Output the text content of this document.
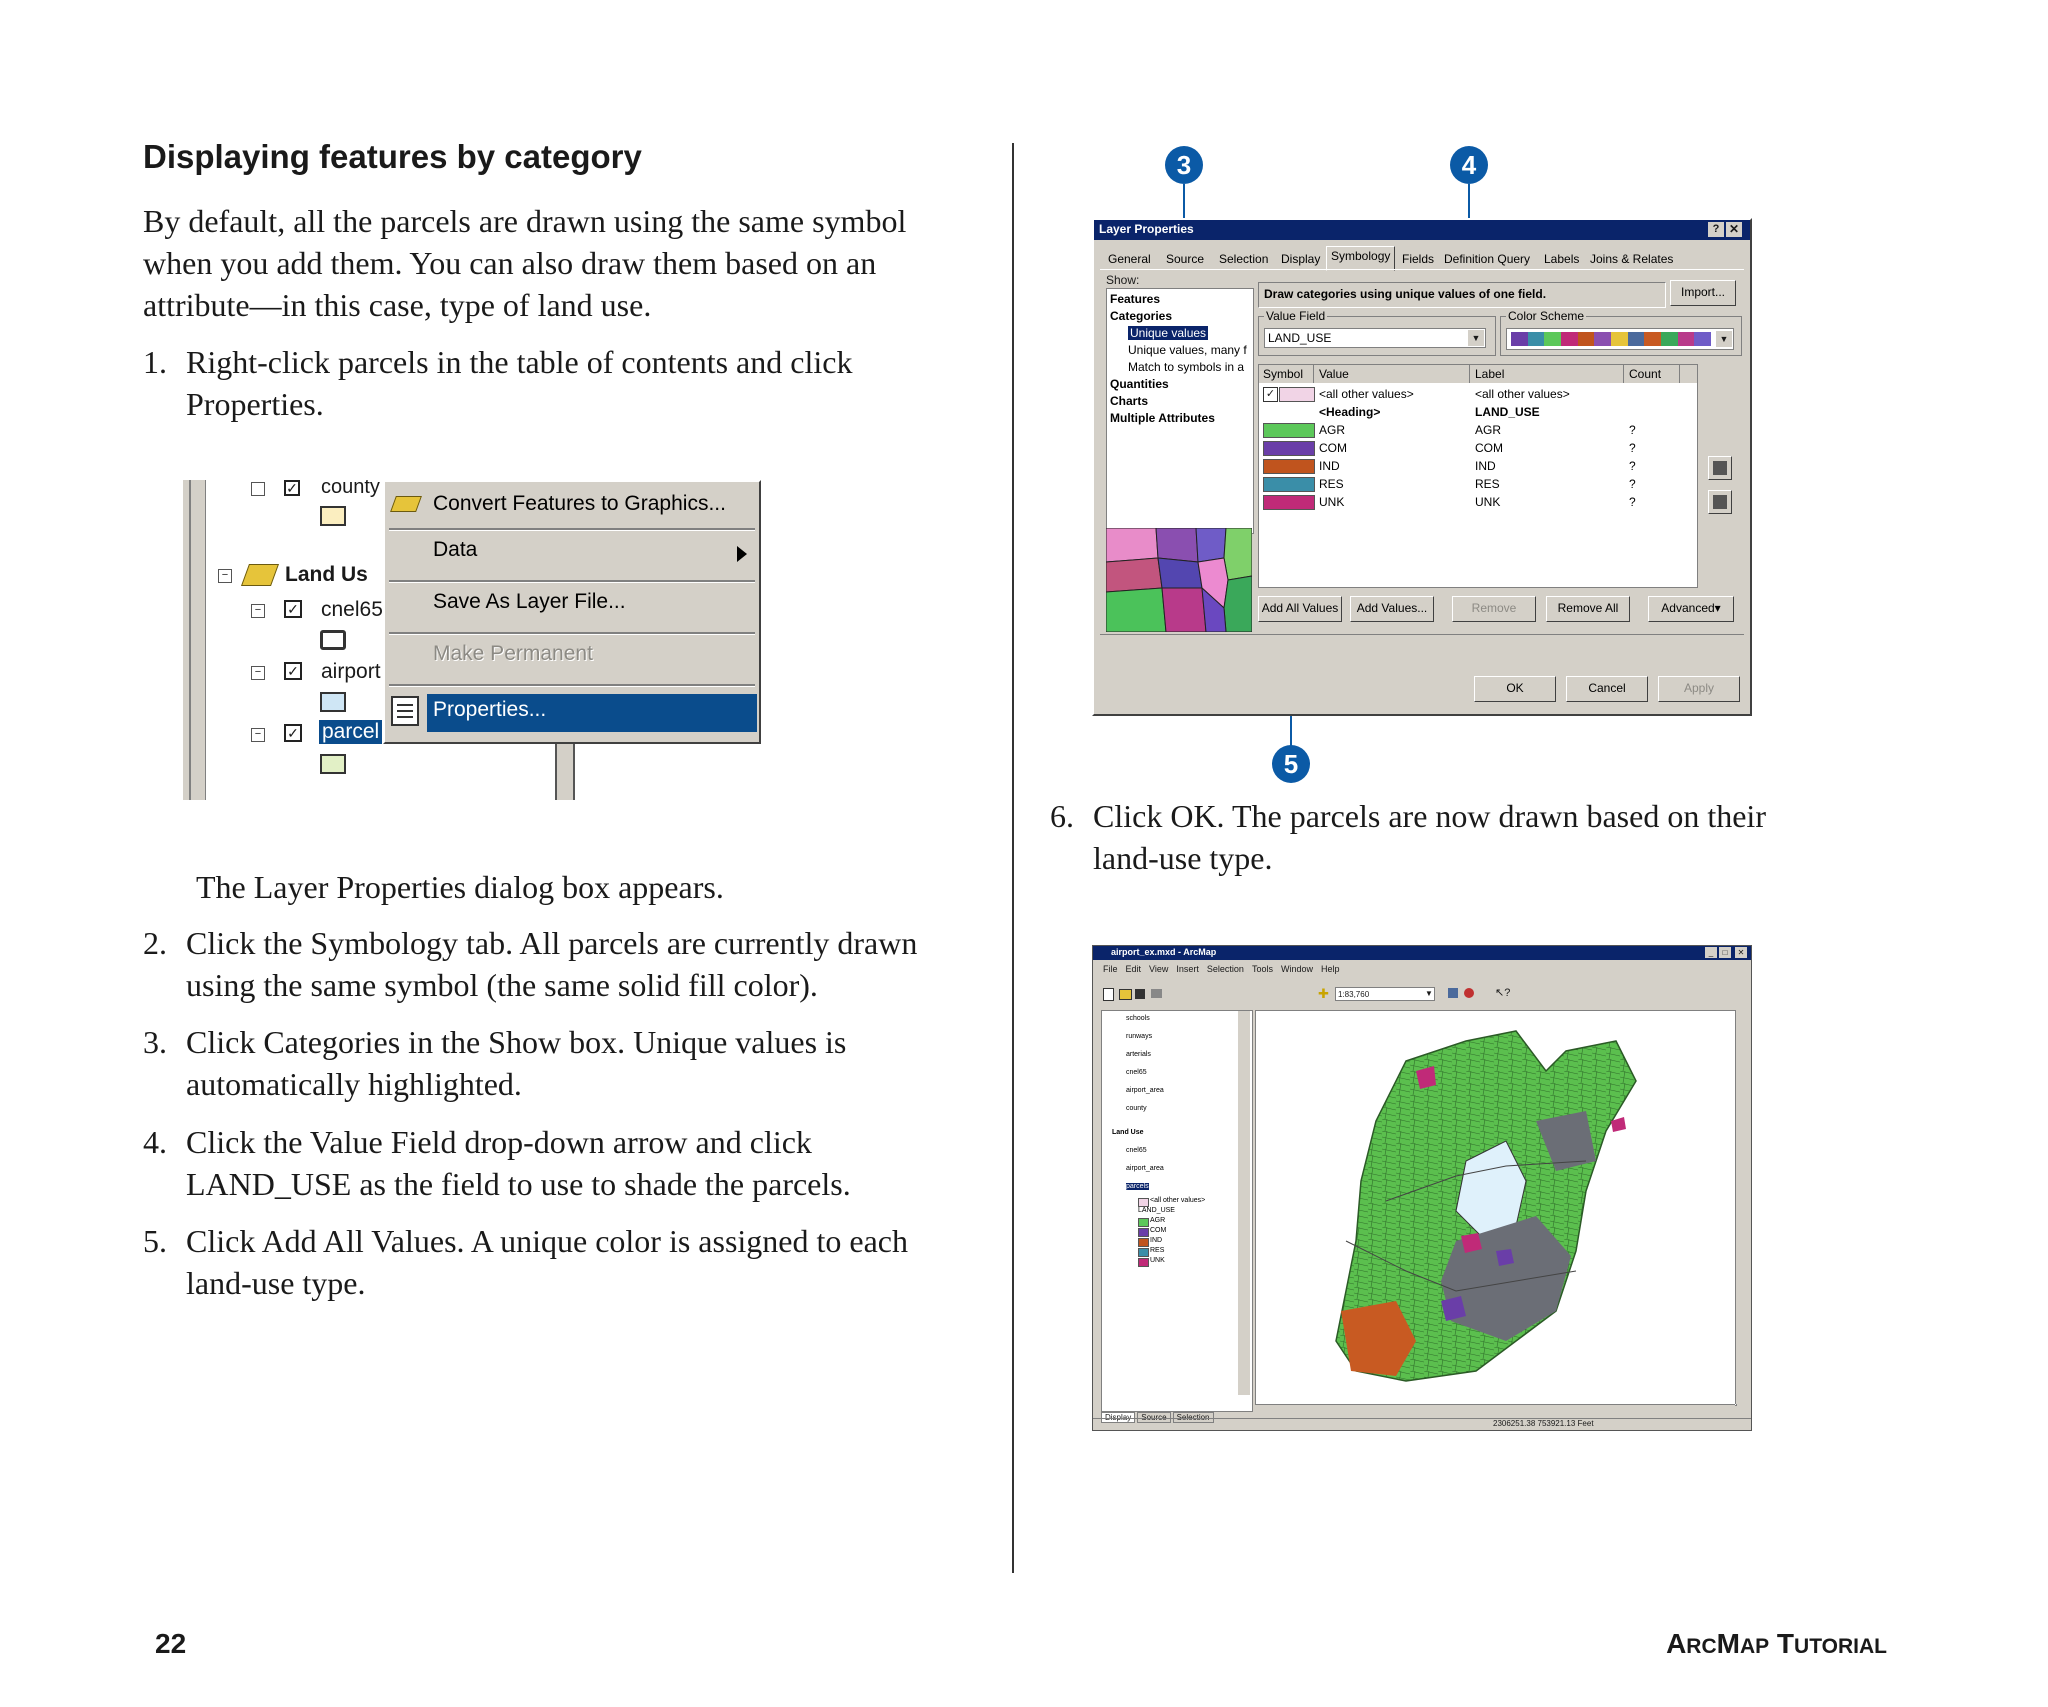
Displaying features by category
By default, all the parcels are drawn using the same symbol
when you add them. You can also draw them based on an
attribute—in this case, type of land use.
1. Right-click parcels in the table of contents and click
Properties.
✓ county
−	Land Us
− ✓ cnel65
− ✓ airport
− ✓ parcel
Convert Features to Graphics...
Data
Save As Layer File...
Make Permanent
Properties...
The Layer Properties dialog box appears.
2. Click the Symbology tab. All parcels are currently drawn
using the same symbol (the same solid fill color).
3. Click Categories in the Show box. Unique values is
automatically highlighted.
4. Click the Value Field drop-down arrow and click
LAND_USE as the field to use to shade the parcels.
5. Click Add All Values. A unique color is assigned to each
land-use type.
3	4
5
Layer Properties	? ✕
General Source Selection Display Symbology Fields Definition Query Labels Joins & Relates
Show:
Features
Categories
Unique values
Unique values, many f
Match to symbols in a
Quantities
Charts
Multiple Attributes
Draw categories using unique values of one field.	Import...
Value Field
LAND_USE	▼
Color Scheme
▼
Symbol Value	Label	Count
✓	<all other values>	<all other values>
<Heading>	LAND_USE
AGR	AGR	?
COM	COM	?
IND	IND	?
RES	RES	?
UNK	UNK	?
Add All Values	Add Values...	Remove	Remove All	Advanced▾
OK	Cancel	Apply
6. Click OK. The parcels are now drawn based on their
land-use type.
airport_ex.mxd - ArcMap	_	□	✕
File Edit View Insert Selection Tools Window Help
✚	1:83,760	▼	↖?
schools
runways
arterials
cnel65
airport_area
county
Land Use
cnel65
airport_area
parcels
<all other values>
LAND_USE
AGR
COM
IND
RES
UNK
Display	Source	Selection
2306251.38 753921.13 Feet
22	ARCMAP TUTORIAL
